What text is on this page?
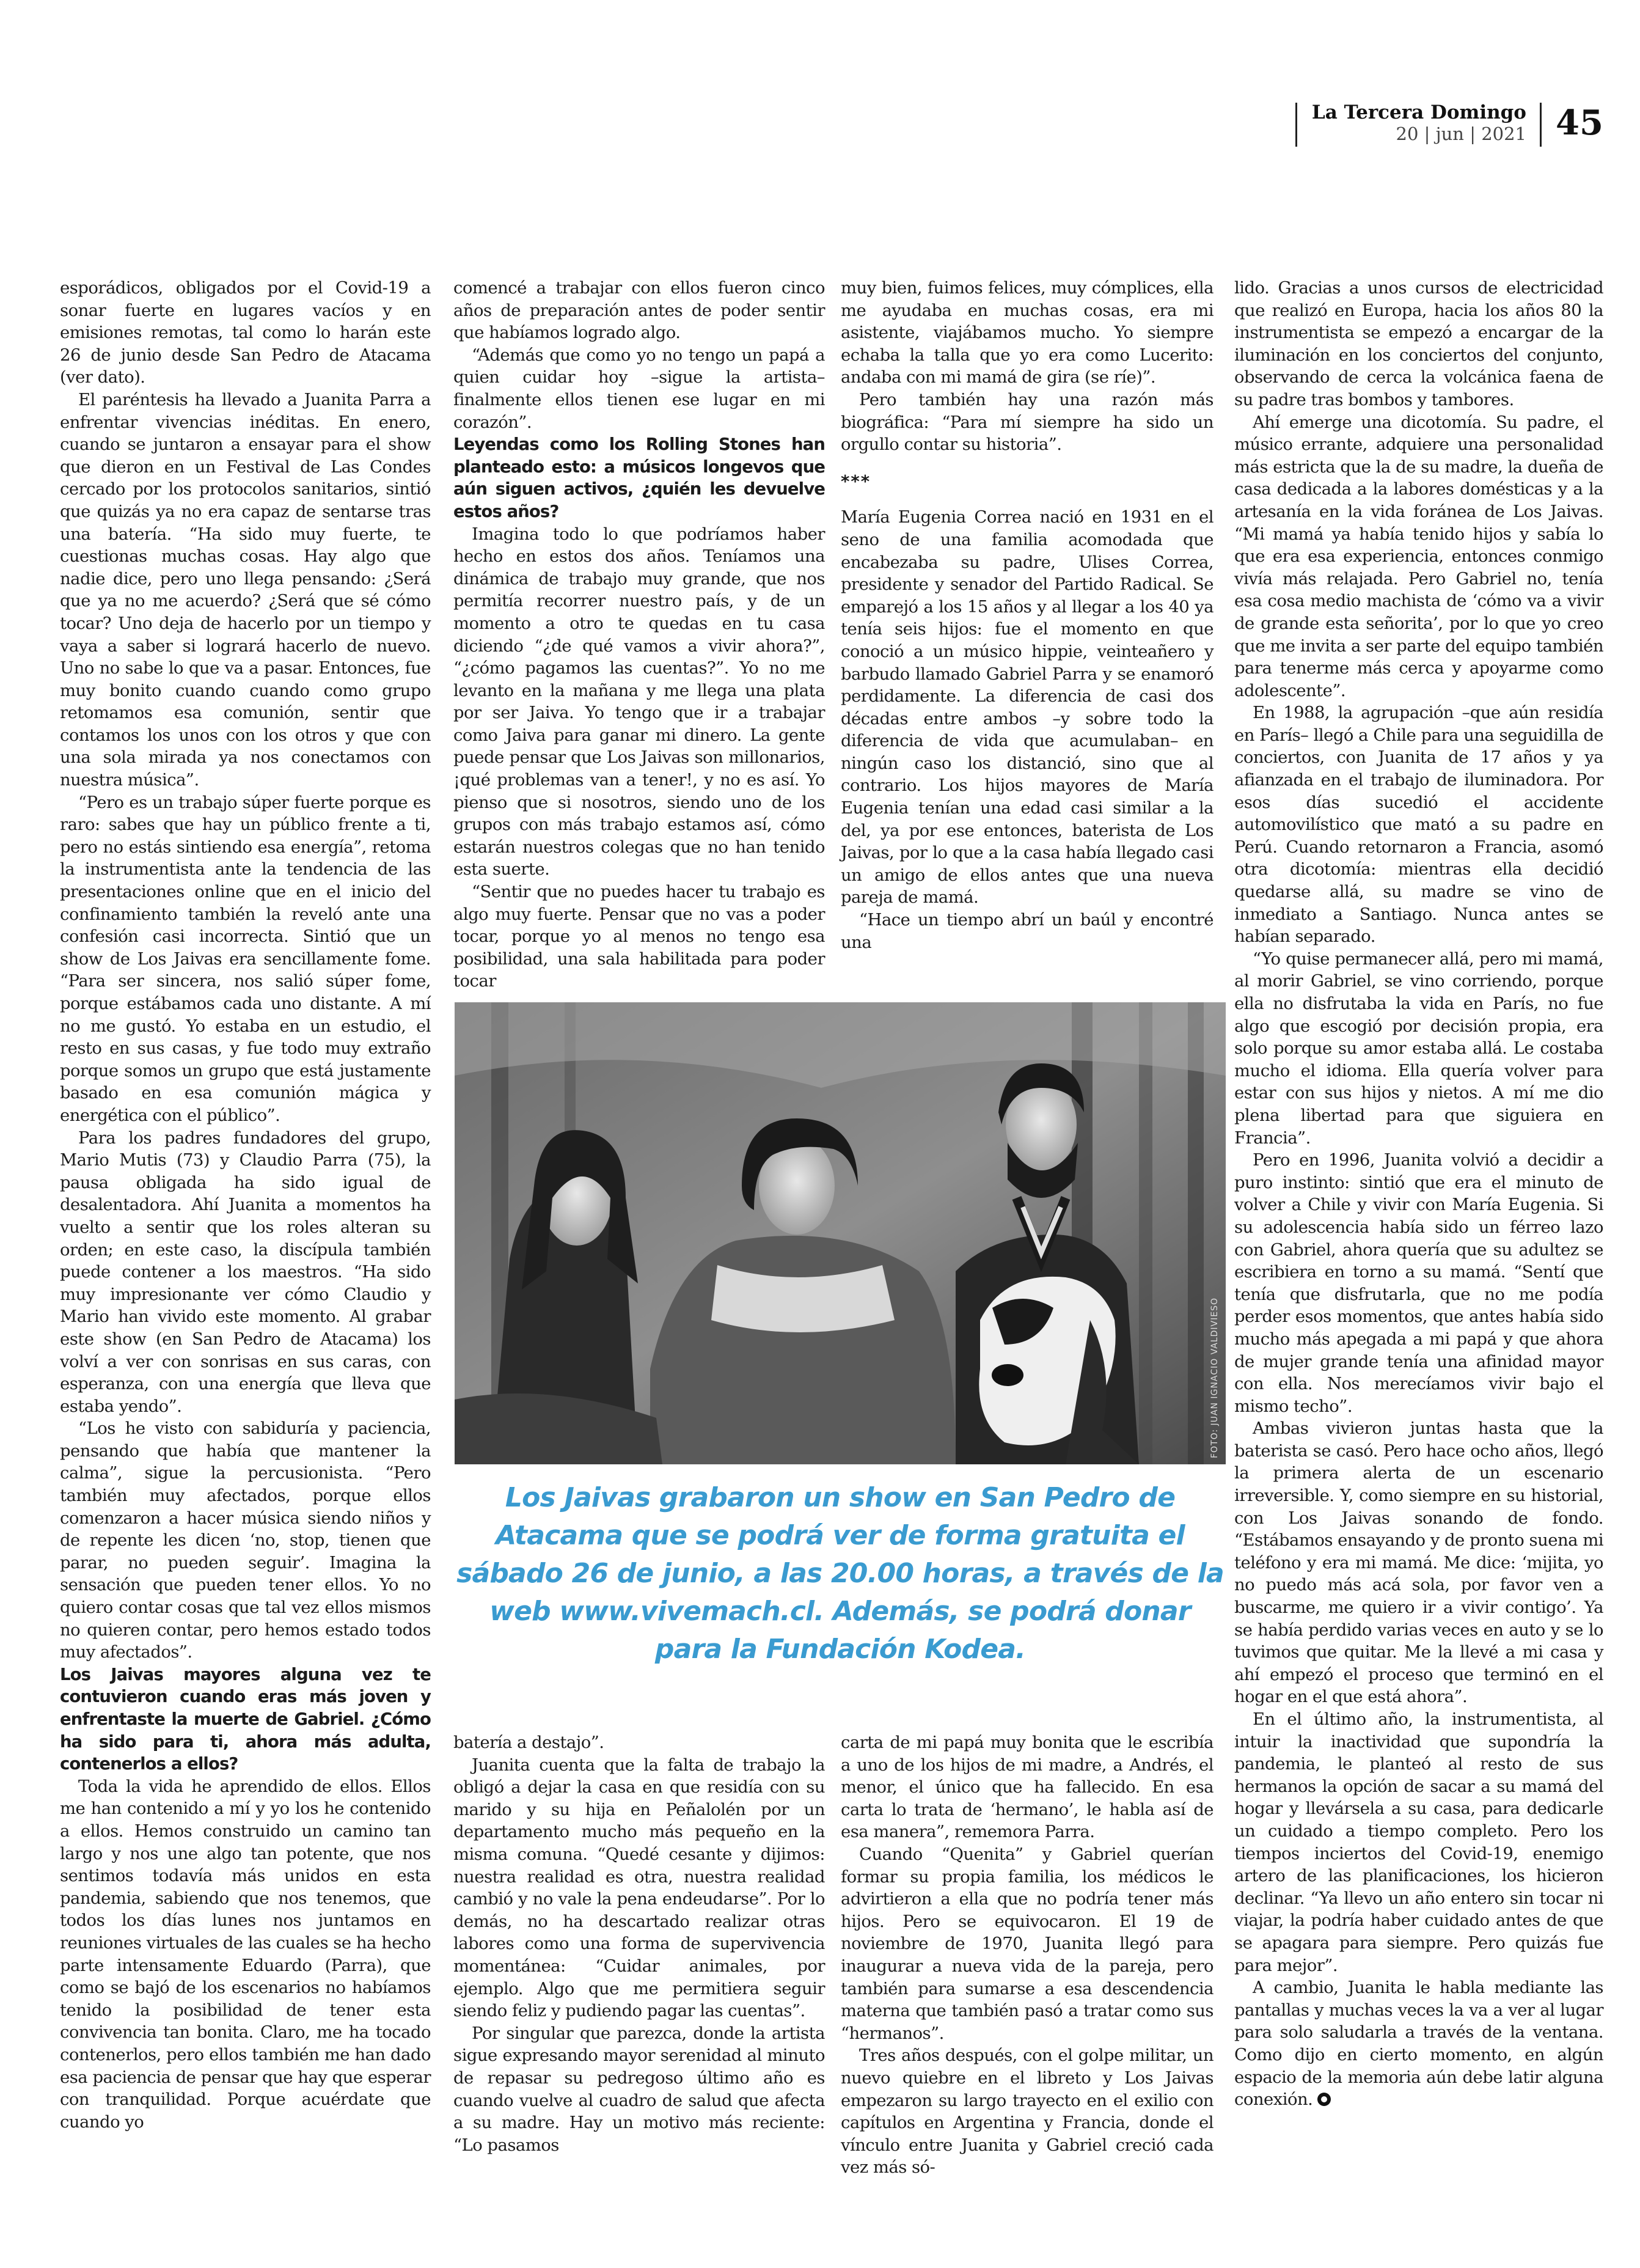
La Tercera Domingo
20 | jun | 2021 45

esporádicos, obligados por el Covid-19 a sonar fuerte en lugares vacíos y en emisiones remotas, tal como lo harán este 26 de junio desde San Pedro de Atacama (ver dato).

El paréntesis ha llevado a Juanita Parra a enfrentar vivencias inéditas. En enero, cuando se juntaron a ensayar para el show que dieron en un Festival de Las Condes cercado por los protocolos sanitarios, sintió que quizás ya no era capaz de sentarse tras una batería. “Ha sido muy fuerte, te cuestionas muchas cosas. Hay algo que nadie dice, pero uno llega pensando: ¿Será que ya no me acuerdo? ¿Será que sé cómo tocar? Uno deja de hacerlo por un tiempo y vaya a saber si logrará hacerlo de nuevo. Uno no sabe lo que va a pasar. Entonces, fue muy bonito cuando cuando como grupo retomamos esa comunión, sentir que contamos los unos con los otros y que con una sola mirada ya nos conectamos con nuestra música”.

“Pero es un trabajo súper fuerte porque es raro: sabes que hay un público frente a ti, pero no estás sintiendo esa energía”, retoma la instrumentista ante la tendencia de las presentaciones online que en el inicio del confinamiento también la reveló ante una confesión casi incorrecta. Sintió que un show de Los Jaivas era sencillamente fome. “Para ser sincera, nos salió súper fome, porque estábamos cada uno distante. A mí no me gustó. Yo estaba en un estudio, el resto en sus casas, y fue todo muy extraño porque somos un grupo que está justamente basado en esa comunión mágica y energética con el público”.

Para los padres fundadores del grupo, Mario Mutis (73) y Claudio Parra (75), la pausa obligada ha sido igual de desalentadora. Ahí Juanita a momentos ha vuelto a sentir que los roles alteran su orden; en este caso, la discípula también puede contener a los maestros. “Ha sido muy impresionante ver cómo Claudio y Mario han vivido este momento. Al grabar este show (en San Pedro de Atacama) los volví a ver con sonrisas en sus caras, con esperanza, con una energía que lleva que estaba yendo”.

“Los he visto con sabiduría y paciencia, pensando que había que mantener la calma”, sigue la percusionista. “Pero también muy afectados, porque ellos comenzaron a hacer música siendo niños y de repente les dicen ‘no, stop, tienen que parar, no pueden seguir’. Imagina la sensación que pueden tener ellos. Yo no quiero contar cosas que tal vez ellos mismos no quieren contar, pero hemos estado todos muy afectados”.

Los Jaivas mayores alguna vez te contuvieron cuando eras más joven y enfrentaste la muerte de Gabriel. ¿Cómo ha sido para ti, ahora más adulta, contenerlos a ellos?

Toda la vida he aprendido de ellos. Ellos me han contenido a mí y yo los he contenido a ellos. Hemos construido un camino tan largo y nos une algo tan potente, que nos sentimos todavía más unidos en esta pandemia, sabiendo que nos tenemos, que todos los días lunes nos juntamos en reuniones virtuales de las cuales se ha hecho parte intensamente Eduardo (Parra), que como se bajó de los escenarios no habíamos tenido la posibilidad de tener esta convivencia tan bonita. Claro, me ha tocado contenerlos, pero ellos también me han dado esa paciencia de pensar que hay que esperar con tranquilidad. Porque acuérdate que cuando yo

comencé a trabajar con ellos fueron cinco años de preparación antes de poder sentir que habíamos logrado algo.

“Además que como yo no tengo un papá a quien cuidar hoy –sigue la artista– finalmente ellos tienen ese lugar en mi corazón”.

Leyendas como los Rolling Stones han planteado esto: a músicos longevos que aún siguen activos, ¿quién les devuelve estos años?

Imagina todo lo que podríamos haber hecho en estos dos años. Teníamos una dinámica de trabajo muy grande, que nos permitía recorrer nuestro país, y de un momento a otro te quedas en tu casa diciendo “¿de qué vamos a vivir ahora?”, “¿cómo pagamos las cuentas?”. Yo no me levanto en la mañana y me llega una plata por ser Jaiva. Yo tengo que ir a trabajar como Jaiva para ganar mi dinero. La gente puede pensar que Los Jaivas son millonarios, ¡qué problemas van a tener!, y no es así. Yo pienso que si nosotros, siendo uno de los grupos con más trabajo estamos así, cómo estarán nuestros colegas que no han tenido esta suerte.

“Sentir que no puedes hacer tu trabajo es algo muy fuerte. Pensar que no vas a poder tocar, porque yo al menos no tengo esa posibilidad, una sala habilitada para poder tocar

muy bien, fuimos felices, muy cómplices, ella me ayudaba en muchas cosas, era mi asistente, viajábamos mucho. Yo siempre echaba la talla que yo era como Lucerito: andaba con mi mamá de gira (se ríe)”.

Pero también hay una razón más biográfica: “Para mí siempre ha sido un orgullo contar su historia”.

***

María Eugenia Correa nació en 1931 en el seno de una familia acomodada que encabezaba su padre, Ulises Correa, presidente y senador del Partido Radical. Se emparejó a los 15 años y al llegar a los 40 ya tenía seis hijos: fue el momento en que conoció a un músico hippie, veinteañero y barbudo llamado Gabriel Parra y se enamoró perdidamente. La diferencia de casi dos décadas entre ambos –y sobre todo la diferencia de vida que acumulaban– en ningún caso los distanció, sino que al contrario. Los hijos mayores de María Eugenia tenían una edad casi similar a la del, ya por ese entonces, baterista de Los Jaivas, por lo que a la casa había llegado casi un amigo de ellos antes que una nueva pareja de mamá.

“Hace un tiempo abrí un baúl y encontré una

FOTO: JUAN IGNACIO VALDIVIESO
Los Jaivas grabaron un show en San Pedro de Atacama que se podrá ver de forma gratuita el sábado 26 de junio, a las 20.00 horas, a través de la web www.vivemach.cl. Además, se podrá donar para la Fundación Kodea.

batería a destajo”.

Juanita cuenta que la falta de trabajo la obligó a dejar la casa en que residía con su marido y su hija en Peñalolén por un departamento mucho más pequeño en la misma comuna. “Quedé cesante y dijimos: nuestra realidad es otra, nuestra realidad cambió y no vale la pena endeudarse”. Por lo demás, no ha descartado realizar otras labores como una forma de supervivencia momentánea: “Cuidar animales, por ejemplo. Algo que me permitiera seguir siendo feliz y pudiendo pagar las cuentas”.

Por singular que parezca, donde la artista sigue expresando mayor serenidad al minuto de repasar su pedregoso último año es cuando vuelve al cuadro de salud que afecta a su madre. Hay un motivo más reciente: “Lo pasamos

carta de mi papá muy bonita que le escribía a uno de los hijos de mi madre, a Andrés, el menor, el único que ha fallecido. En esa carta lo trata de ‘hermano’, le habla así de esa manera”, rememora Parra.

Cuando “Quenita” y Gabriel querían formar su propia familia, los médicos le advirtieron a ella que no podría tener más hijos. Pero se equivocaron. El 19 de noviembre de 1970, Juanita llegó para inaugurar a nueva vida de la pareja, pero también para sumarse a esa descendencia materna que también pasó a tratar como sus “hermanos”.

Tres años después, con el golpe militar, un nuevo quiebre en el libreto y Los Jaivas empezaron su largo trayecto en el exilio con capítulos en Argentina y Francia, donde el vínculo entre Juanita y Gabriel creció cada vez más só-

lido. Gracias a unos cursos de electricidad que realizó en Europa, hacia los años 80 la instrumentista se empezó a encargar de la iluminación en los conciertos del conjunto, observando de cerca la volcánica faena de su padre tras bombos y tambores.

Ahí emerge una dicotomía. Su padre, el músico errante, adquiere una personalidad más estricta que la de su madre, la dueña de casa dedicada a la labores domésticas y a la artesanía en la vida foránea de Los Jaivas. “Mi mamá ya había tenido hijos y sabía lo que era esa experiencia, entonces conmigo vivía más relajada. Pero Gabriel no, tenía esa cosa medio machista de ‘cómo va a vivir de grande esta señorita’, por lo que yo creo que me invita a ser parte del equipo también para tenerme más cerca y apoyarme como adolescente”.

En 1988, la agrupación –que aún residía en París– llegó a Chile para una seguidilla de conciertos, con Juanita de 17 años y ya afianzada en el trabajo de iluminadora. Por esos días sucedió el accidente automovilístico que mató a su padre en Perú. Cuando retornaron a Francia, asomó otra dicotomía: mientras ella decidió quedarse allá, su madre se vino de inmediato a Santiago. Nunca antes se habían separado.

“Yo quise permanecer allá, pero mi mamá, al morir Gabriel, se vino corriendo, porque ella no disfrutaba la vida en París, no fue algo que escogió por decisión propia, era solo porque su amor estaba allá. Le costaba mucho el idioma. Ella quería volver para estar con sus hijos y nietos. A mí me dio plena libertad para que siguiera en Francia”.

Pero en 1996, Juanita volvió a decidir a puro instinto: sintió que era el minuto de volver a Chile y vivir con María Eugenia. Si su adolescencia había sido un férreo lazo con Gabriel, ahora quería que su adultez se escribiera en torno a su mamá. “Sentí que tenía que disfrutarla, que no me podía perder esos momentos, que antes había sido mucho más apegada a mi papá y que ahora de mujer grande tenía una afinidad mayor con ella. Nos merecíamos vivir bajo el mismo techo”.

Ambas vivieron juntas hasta que la baterista se casó. Pero hace ocho años, llegó la primera alerta de un escenario irreversible. Y, como siempre en su historial, con Los Jaivas sonando de fondo. “Estábamos ensayando y de pronto suena mi teléfono y era mi mamá. Me dice: ‘mijita, yo no puedo más acá sola, por favor ven a buscarme, me quiero ir a vivir contigo’. Ya se había perdido varias veces en auto y se lo tuvimos que quitar. Me la llevé a mi casa y ahí empezó el proceso que terminó en el hogar en el que está ahora”.

En el último año, la instrumentista, al intuir la inactividad que supondría la pandemia, le planteó al resto de sus hermanos la opción de sacar a su mamá del hogar y llevársela a su casa, para dedicarle un cuidado a tiempo completo. Pero los tiempos inciertos del Covid-19, enemigo artero de las planificaciones, los hicieron declinar. “Ya llevo un año entero sin tocar ni viajar, la podría haber cuidado antes de que se apagara para siempre. Pero quizás fue para mejor”.

A cambio, Juanita le habla mediante las pantallas y muchas veces la va a ver al lugar para solo saludarla a través de la ventana. Como dijo en cierto momento, en algún espacio de la memoria aún debe latir alguna conexión.
